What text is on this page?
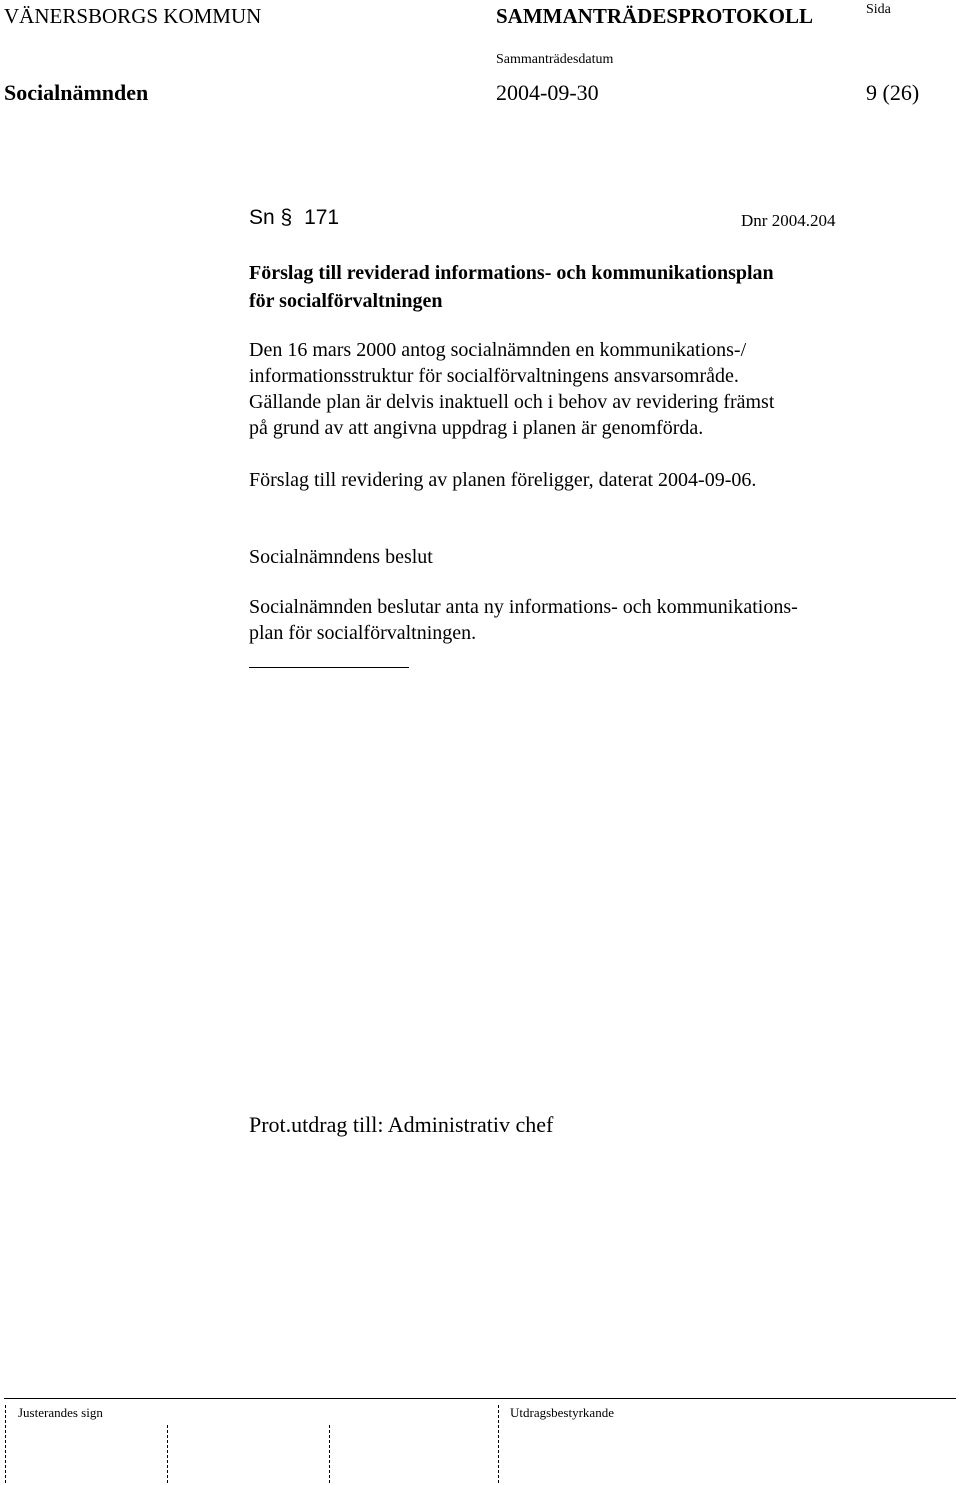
VÄNERSBORGS KOMMUN	SAMMANTRÄDESPROTOKOLL	Sida
Sammanträdesdatum
Socialnämnden	2004-09-30	9 (26)
Sn § 171	Dnr 2004.204
Förslag till reviderad informations- och kommunikationsplan
för socialförvaltningen
Den 16 mars 2000 antog socialnämnden en kommunikations-/
informationsstruktur för socialförvaltningens ansvarsområde.
Gällande plan är delvis inaktuell och i behov av revidering främst
på grund av att angivna uppdrag i planen är genomförda.
Förslag till revidering av planen föreligger, daterat 2004-09-06.
Socialnämndens beslut
Socialnämnden beslutar anta ny informations- och kommunikations-
plan för socialförvaltningen.
Prot.utdrag till: Administrativ chef
Justerandes sign	Utdragsbestyrkande
